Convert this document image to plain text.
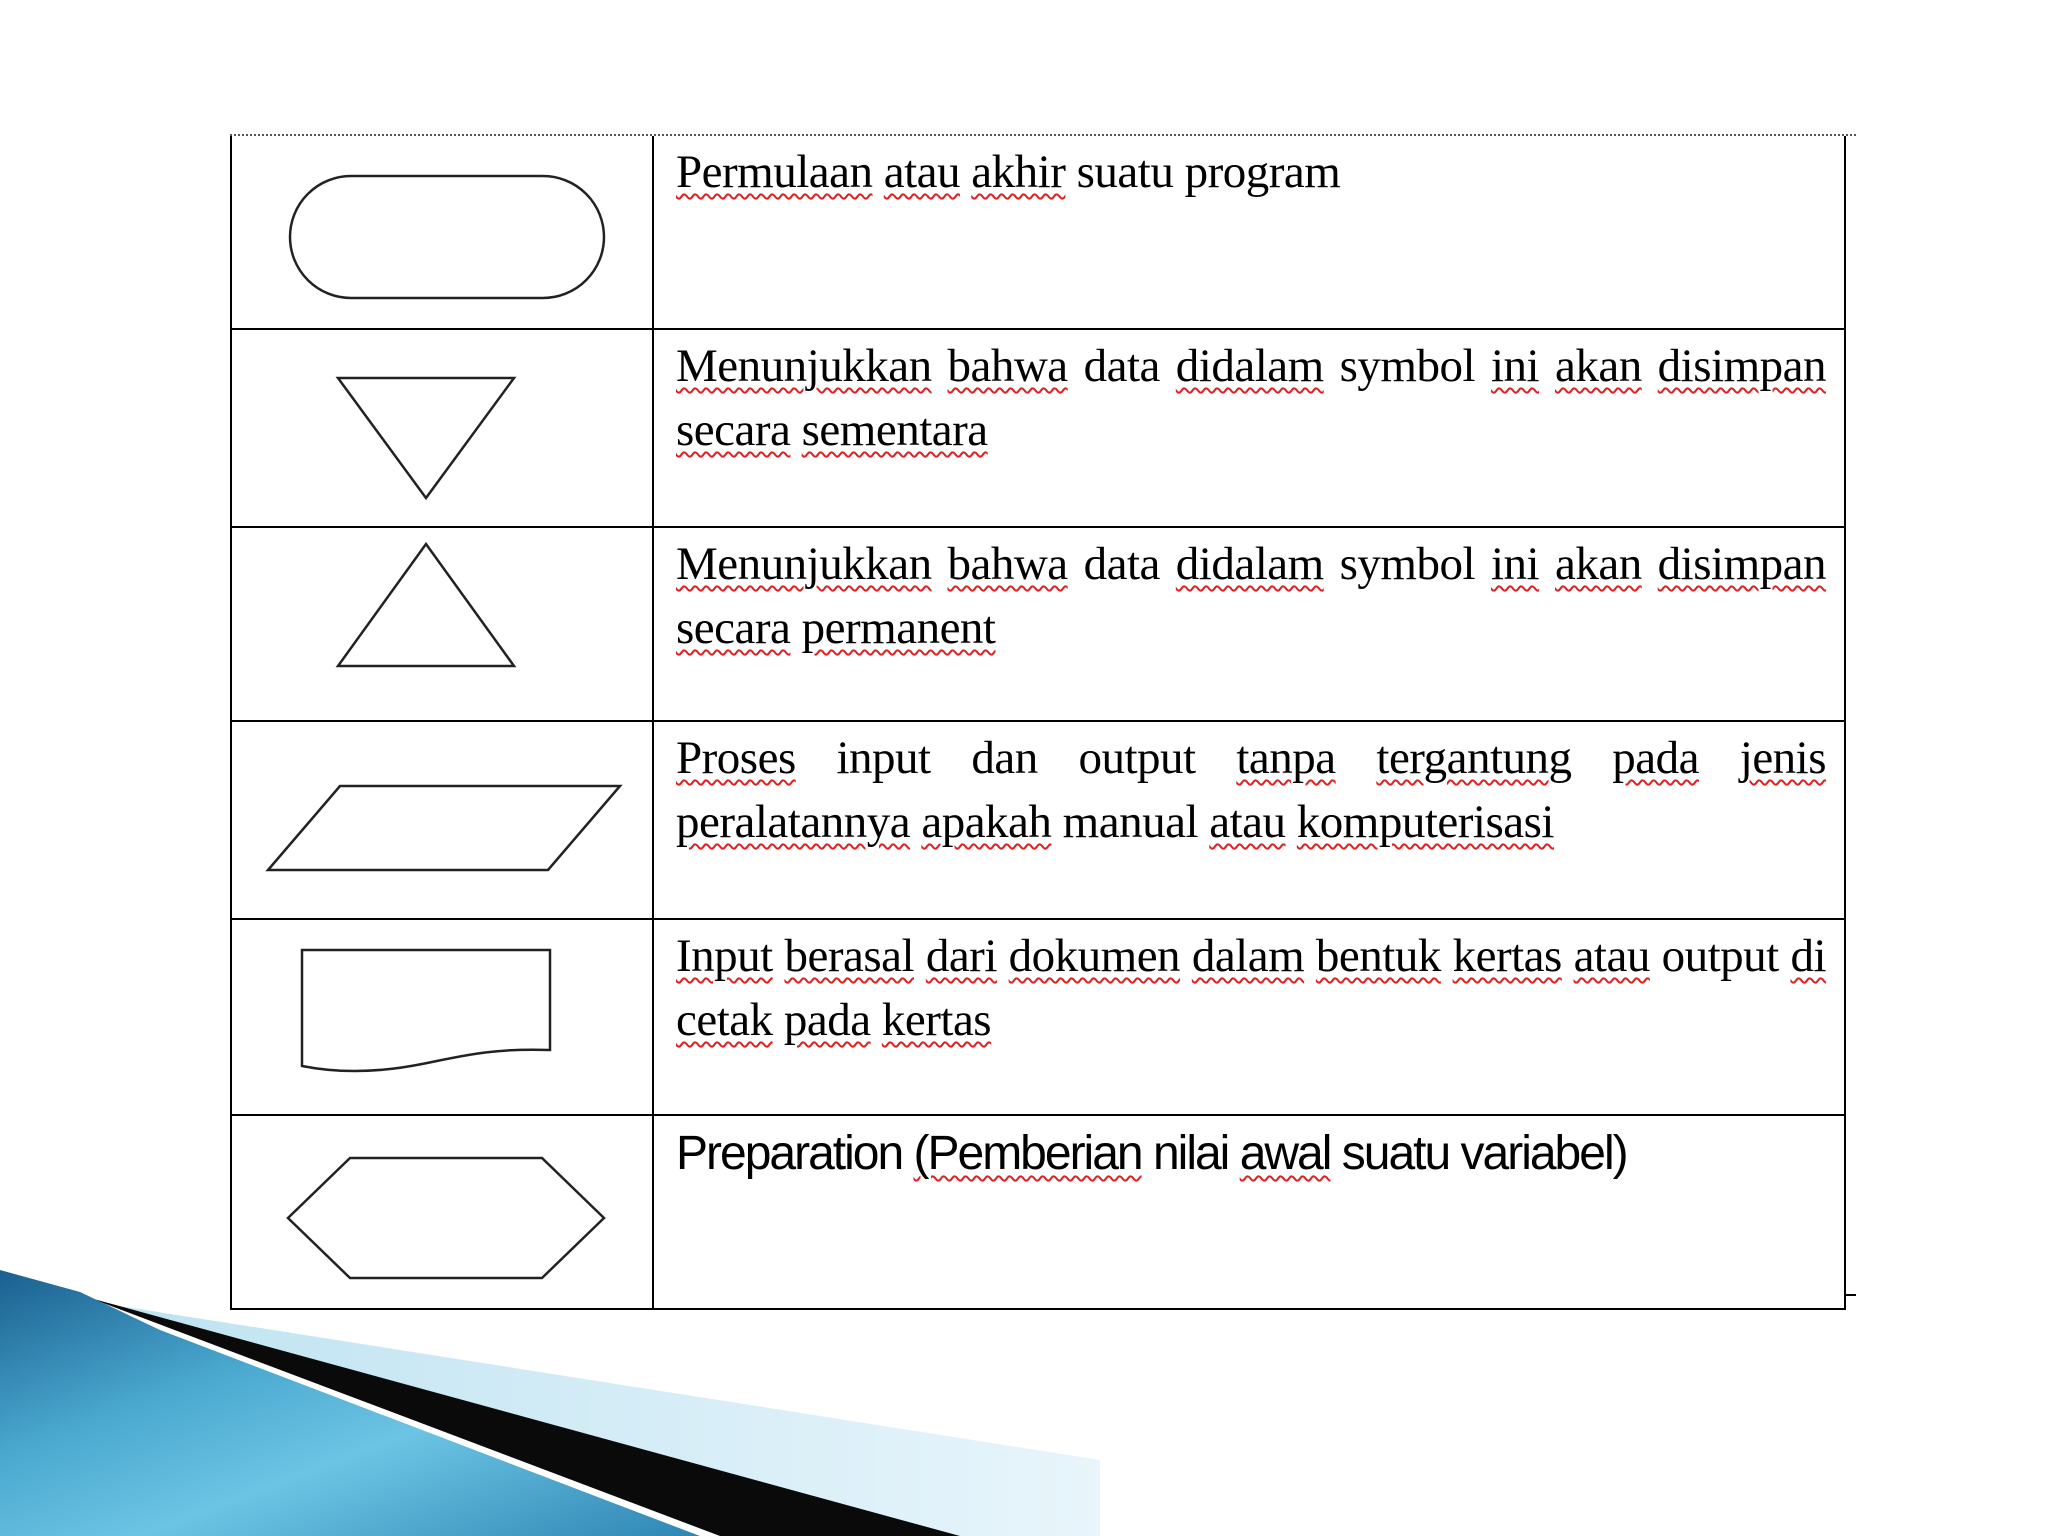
	Permulaan atau akhir suatu program

	Menunjukkan bahwa data didalam symbol ini akan disimpan secara sementara

	Menunjukkan bahwa data didalam symbol ini akan disimpan secara permanent

	Proses input dan output tanpa tergantung pada jenis peralatannya apakah manual atau komputerisasi

	Input berasal dari dokumen dalam bentuk kertas atau output di cetak pada kertas

	Preparation (Pemberian nilai awal suatu variabel)
